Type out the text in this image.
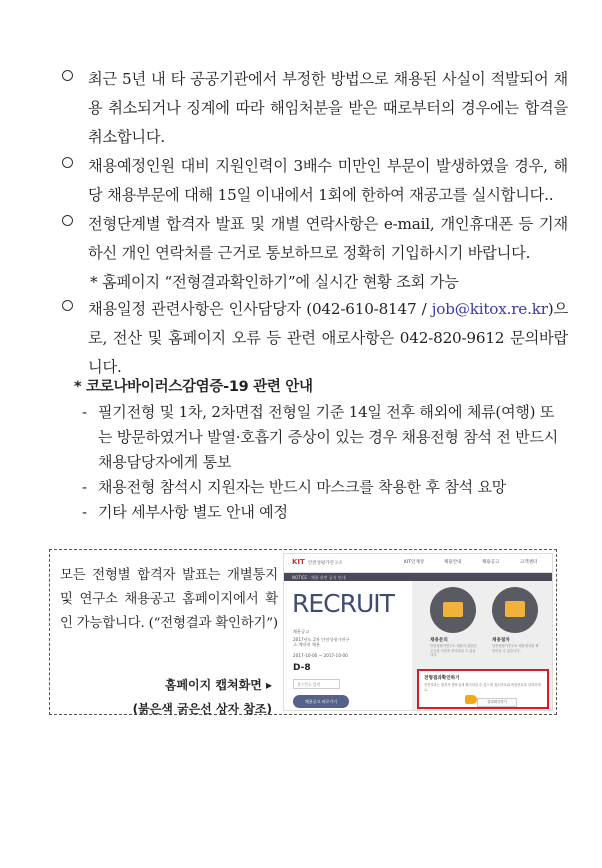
최근 5년 내 타 공공기관에서 부정한 방법으로 채용된 사실이 적발되어 채용 취소되거나 징계에 따라 해임처분을 받은 때로부터의 경우에는 합격을 취소합니다.
채용예정인원 대비 지원인력이 3배수 미만인 부문이 발생하였을 경우, 해당 채용부문에 대해 15일 이내에서 1회에 한하여 재공고를 실시합니다..
전형단계별 합격자 발표 및 개별 연락사항은 e-mail, 개인휴대폰 등 기재하신 개인 연락처를 근거로 통보하므로 정확히 기입하시기 바랍니다.
* 홈페이지 “전형결과확인하기”에 실시간 현황 조회 가능
채용일정 관련사항은 인사담당자 (042-610-8147 / job@kitox.re.kr)으로, 전산 및 홈페이지 오류 등 관련 애로사항은 042-820-9612 문의바랍니다.
* 코로나바이러스감염증-19 관련 안내
- 필기전형 및 1차, 2차면접 전형일 기준 14일 전후 해외에 체류(여행) 또는 방문하였거나 발열·호흡기 증상이 있는 경우 채용전형 참석 전 반드시 채용담당자에게 통보
- 채용전형 참석시 지원자는 반드시 마스크를 착용한 후 참석 요망
- 기타 세부사항 별도 안내 예정
모든 전형별 합격자 발표는 개별통지 및 연구소 채용공고 홈페이지에서 확인 가능합니다. (“전형결과 확인하기”)
홈페이지 캡쳐화면 ▸
(붉은색 굵은선 상자 참조)
KIT 안전성평가연구소	KIT인재상	채용안내	채용공고	고객센터
NOTICE · 채용 관련 공지 안내
RECRUIT
채용공고
2017년도 2차 안전성평가연구소 계약직 채용
2017-10-00 ~ 2017-10-00
D-8
접수번호 입력
채용공고 바로가기
채용문의
안전성평가연구소 채용과 관련된 궁금한 사항을 문의하실 수 있습니다.
채용절차
안전성평가연구소 채용절차를 확인하실 수 있습니다.
전형결과확인하기
전형결과는 합격자 발표일에 확인하실 수 있으며 접수번호와 비밀번호를 입력하세요.
결과확인하기
